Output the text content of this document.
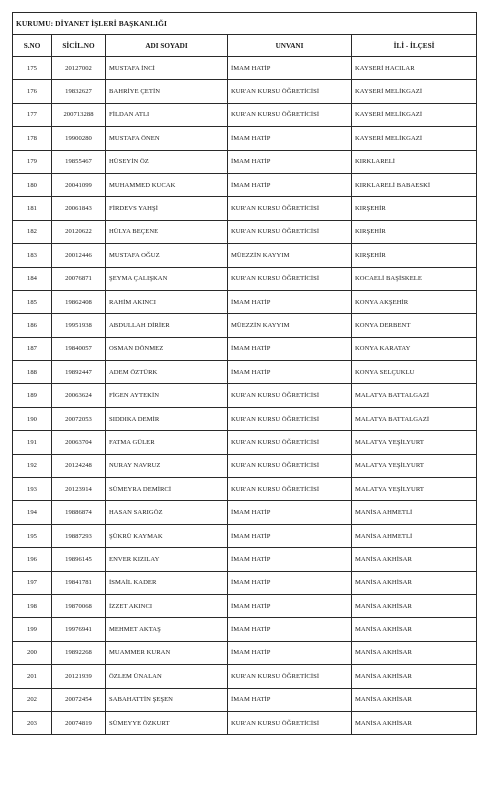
KURUMU: DİYANET İŞLERİ BAŞKANLIĞI				
S.NO	SİCİL.NO	ADI SOYADI	UNVANI	İLİ - İLÇESİ
175	20127002	MUSTAFA İNCİ	İMAM HATİP	KAYSERİ HACILAR
176	19832627	BAHRİYE ÇETİN	KUR'AN KURSU ÖĞRETİCİSİ	KAYSERİ MELİKGAZİ
177	200713288	FİLDAN ATLI	KUR'AN KURSU ÖĞRETİCİSİ	KAYSERİ MELİKGAZİ
178	19900280	MUSTAFA ÖNEN	İMAM HATİP	KAYSERİ MELİKGAZİ
179	19855467	HÜSEYİN ÖZ	İMAM HATİP	KIRKLARELİ
180	20041099	MUHAMMED KUCAK	İMAM HATİP	KIRKLARELİ BABAESKİ
181	20061843	FİRDEVS YAHŞİ	KUR'AN KURSU ÖĞRETİCİSİ	KIRŞEHİR
182	20120622	HÜLYA BEÇENE	KUR'AN KURSU ÖĞRETİCİSİ	KIRŞEHİR
183	20012446	MUSTAFA OĞUZ	MÜEZZİN KAYYIM	KIRŞEHİR
184	20076871	ŞEYMA ÇALIŞKAN	KUR'AN KURSU ÖĞRETİCİSİ	KOCAELİ BAŞİSKELE
185	19862408	RAHİM AKINCI	İMAM HATİP	KONYA AKŞEHİR
186	19951938	ABDULLAH DİRİER	MÜEZZİN KAYYIM	KONYA DERBENT
187	19840057	OSMAN DÖNMEZ	İMAM HATİP	KONYA KARATAY
188	19892447	ADEM ÖZTÜRK	İMAM HATİP	KONYA SELÇUKLU
189	20063624	FİGEN AYTEKİN	KUR'AN KURSU ÖĞRETİCİSİ	MALATYA BATTALGAZİ
190	20072053	SIDDIKA DEMİR	KUR'AN KURSU ÖĞRETİCİSİ	MALATYA BATTALGAZİ
191	20063704	FATMA GÜLER	KUR'AN KURSU ÖĞRETİCİSİ	MALATYA YEŞİLYURT
192	20124248	NURAY NAVRUZ	KUR'AN KURSU ÖĞRETİCİSİ	MALATYA YEŞİLYURT
193	20123914	SÜMEYRA DEMİRCİ	KUR'AN KURSU ÖĞRETİCİSİ	MALATYA YEŞİLYURT
194	19886874	HASAN SARIGÖZ	İMAM HATİP	MANİSA AHMETLİ
195	19887293	ŞÜKRÜ KAYMAK	İMAM HATİP	MANİSA AHMETLİ
196	19896145	ENVER KIZILAY	İMAM HATİP	MANİSA AKHİSAR
197	19841781	İSMAİL KADER	İMAM HATİP	MANİSA AKHİSAR
198	19870068	İZZET AKINCI	İMAM HATİP	MANİSA AKHİSAR
199	19976941	MEHMET AKTAŞ	İMAM HATİP	MANİSA AKHİSAR
200	19892268	MUAMMER KURAN	İMAM HATİP	MANİSA AKHİSAR
201	20121939	ÖZLEM ÜNALAN	KUR'AN KURSU ÖĞRETİCİSİ	MANİSA AKHİSAR
202	20072454	SABAHATTİN ŞEŞEN	İMAM HATİP	MANİSA AKHİSAR
203	20074819	SÜMEYYE ÖZKURT	KUR'AN KURSU ÖĞRETİCİSİ	MANİSA AKHİSAR
